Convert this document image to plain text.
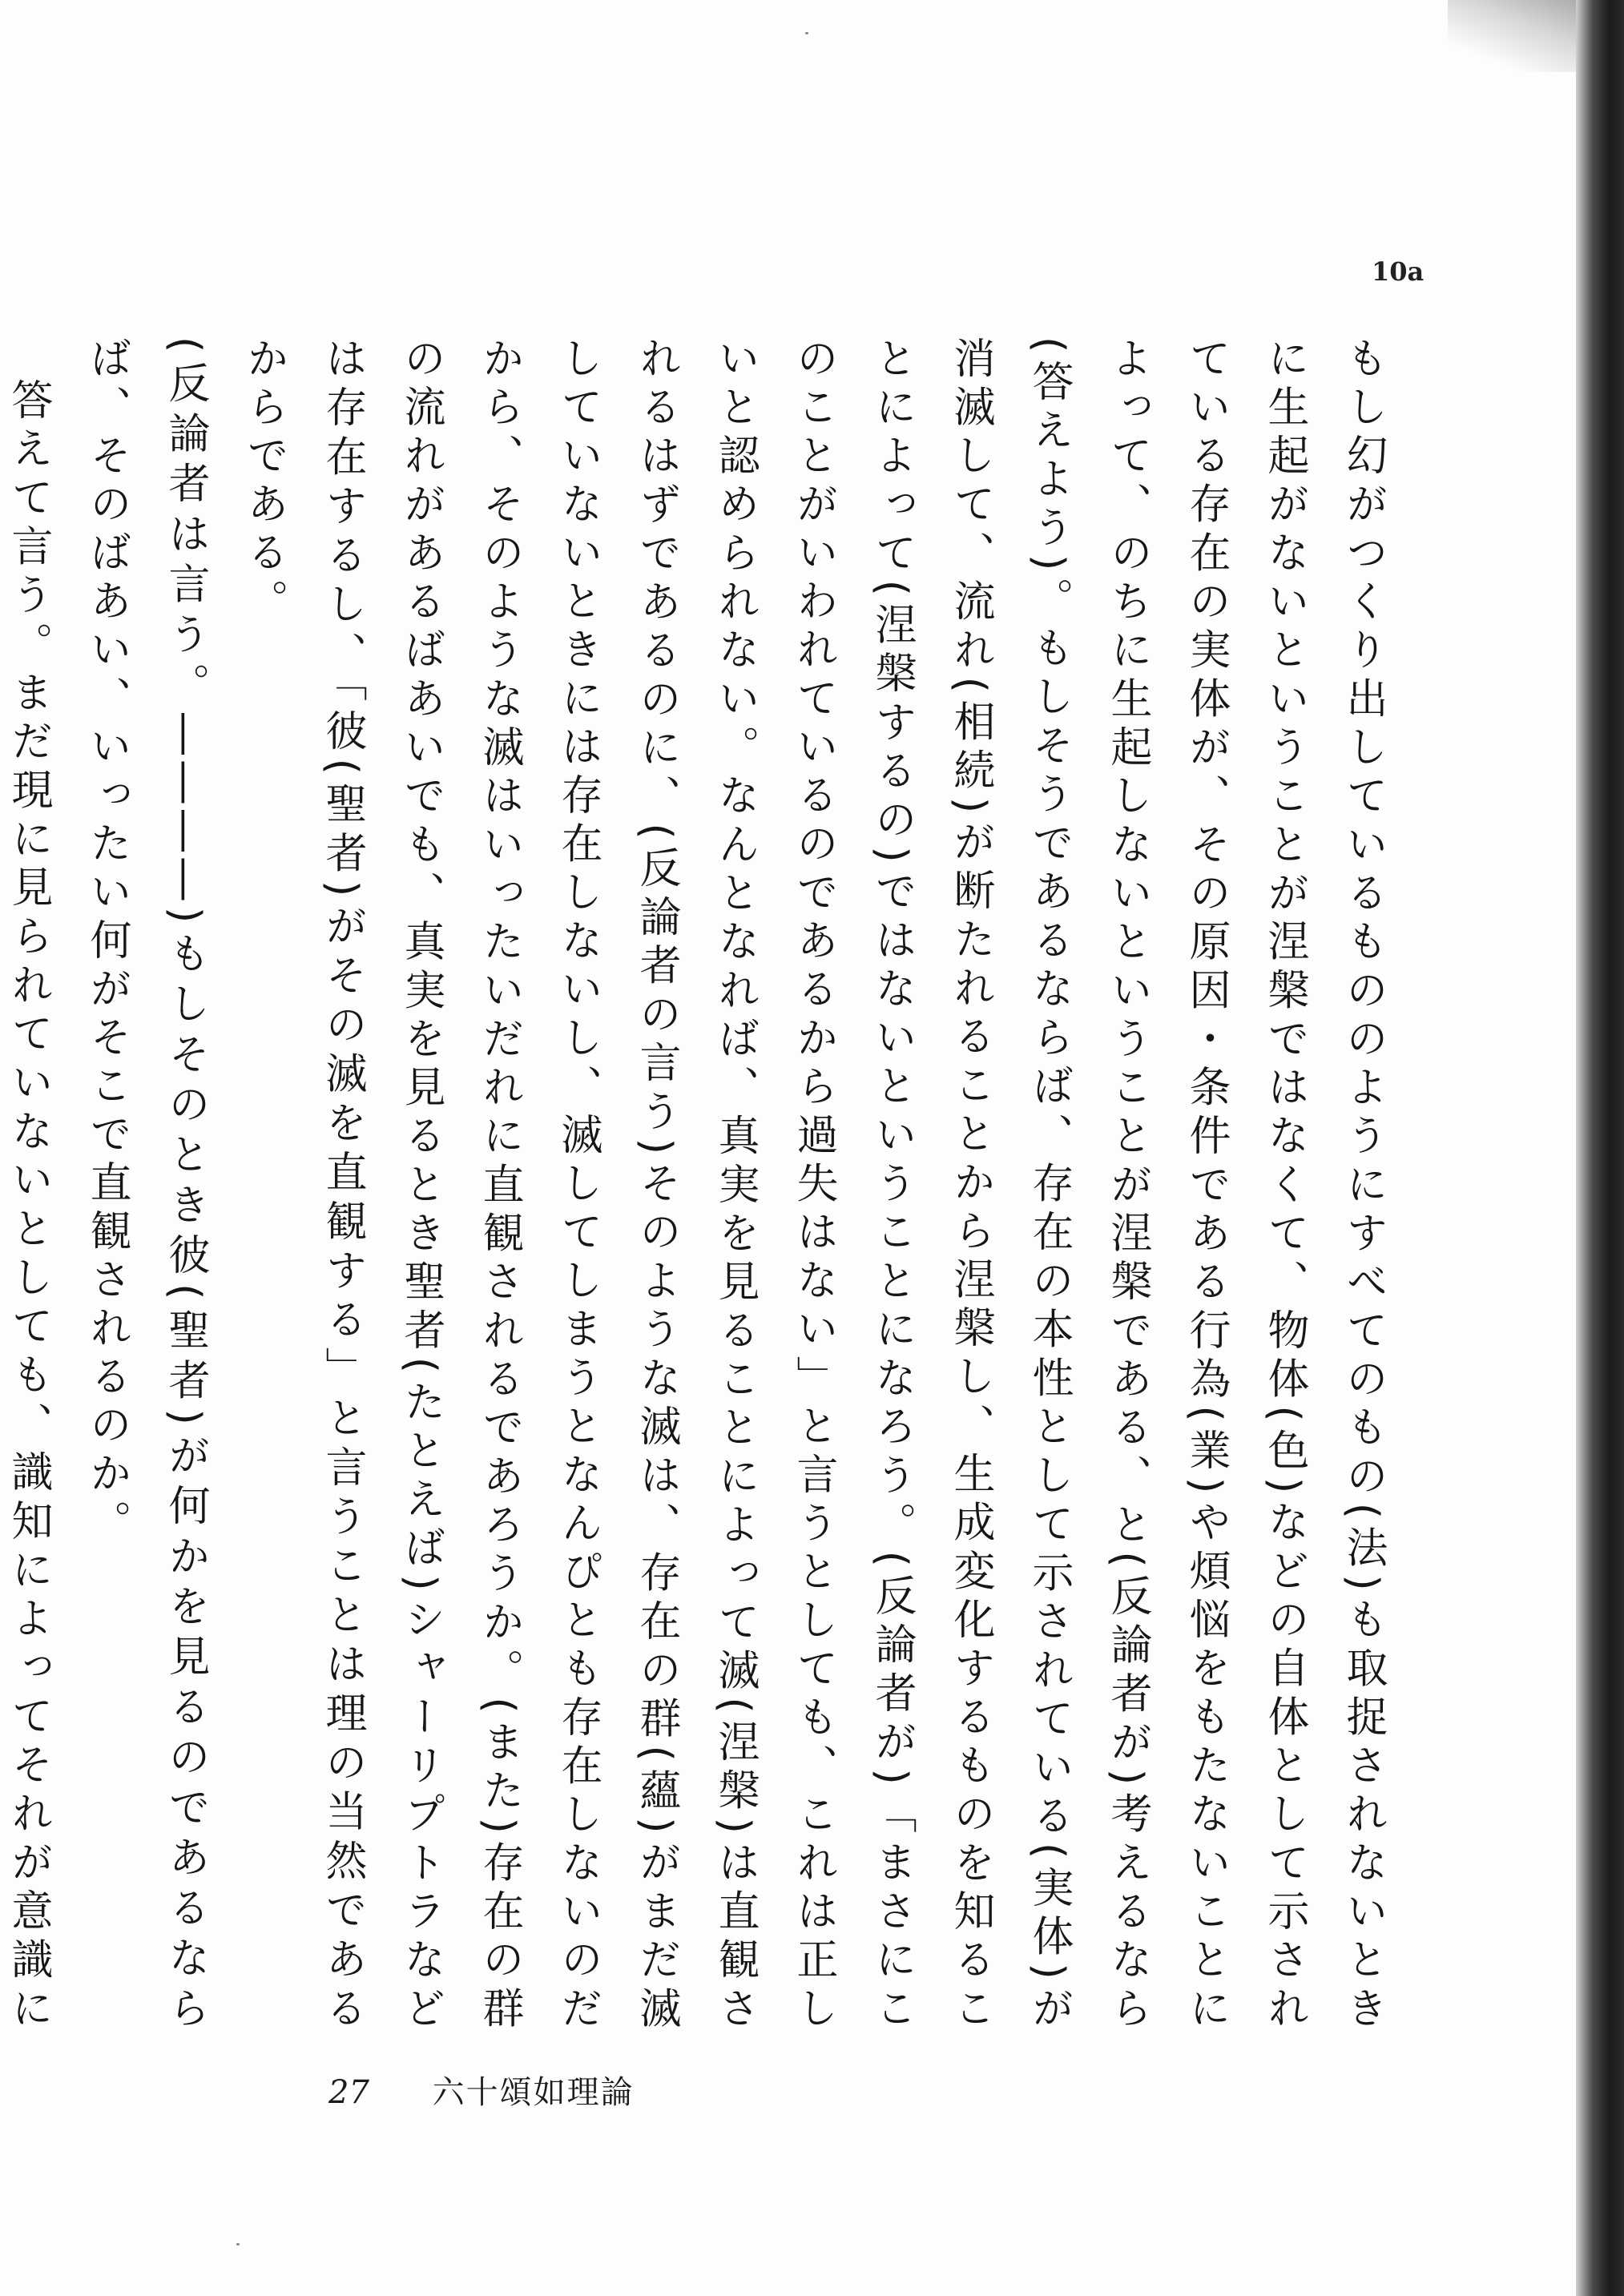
10a

もし幻がつくり出しているもののようにすべてのもの(法)も取捉されないときに生起がないということが涅槃ではなくて、物体(色)などの自体として示されている存在の実体が、その原因・条件である行為(業)や煩悩をもたないことによって、のちに生起しないということが涅槃である、と(反論者が)考えるなら(答えよう)。もしそうであるならば、存在の本性として示されている(実体)が消滅して、流れ(相続)が断たれることから涅槃し、生成変化するものを知ることによって(涅槃するの)ではないということになろう。(反論者が)「まさにこのことがいわれているのであるから過失はない」と言うとしても、これは正しいと認められない。なんとなれば、真実を見ることによって滅(涅槃)は直観されるはずであるのに、(反論者の言う)そのような滅は、存在の群(蘊)がまだ滅していないときには存在しないし、滅してしまうとなんぴとも存在しないのだから、そのような滅はいったいだれに直観されるであろうか。(また)存在の群の流れがあるばあいでも、真実を見るとき聖者(たとえば)シャーリプトラなどは存在するし、「彼(聖者)がその滅を直観する」と言うことは理の当然であるからである。

(反論者は言う。――――)もしそのとき彼(聖者)が何かを見るのであるならば、そのばあい、いったい何がそこで直観されるのか。

答えて言う。まだ現に見られていないとしても、識知によってそれが意識に

27 六十頌如理論
